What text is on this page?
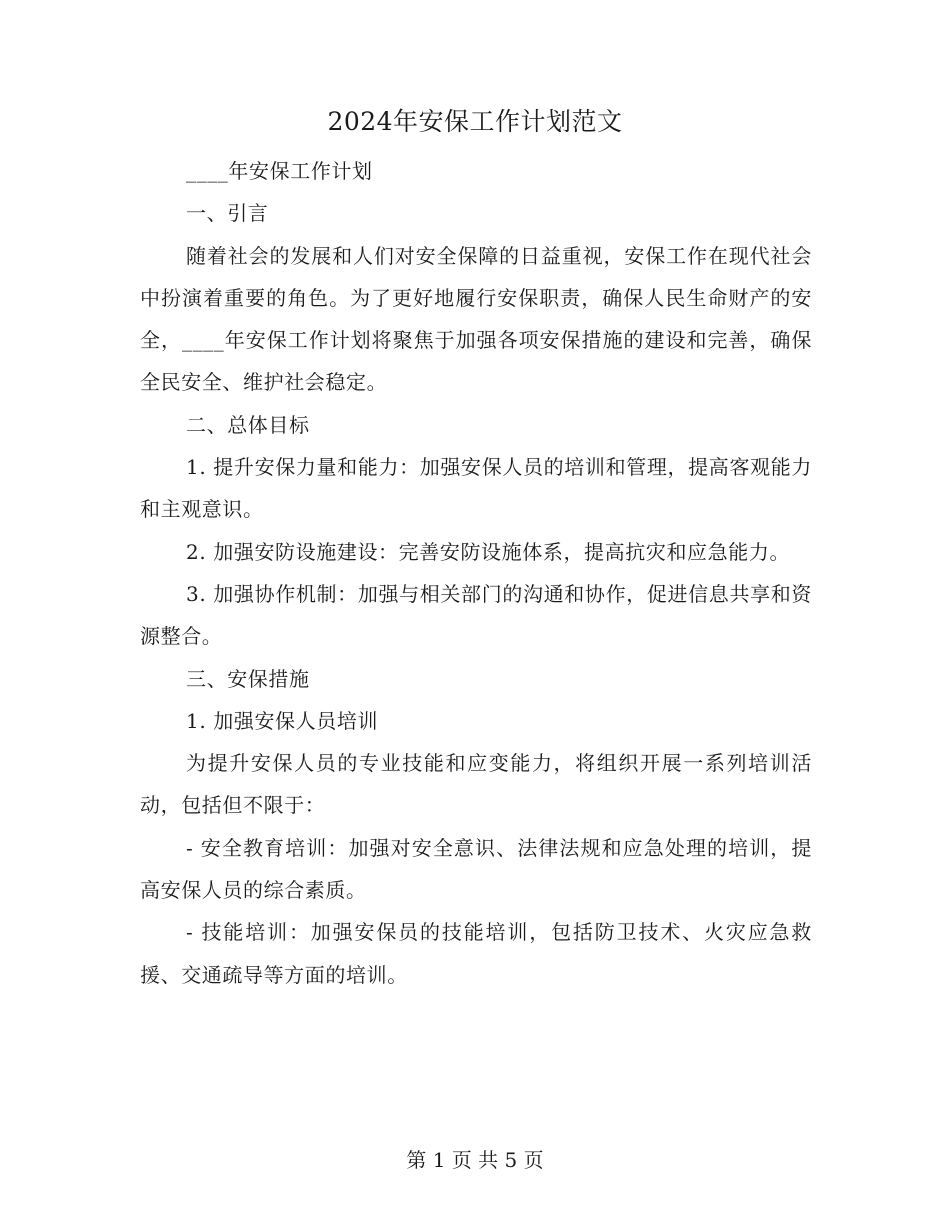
2024年安保工作计划范文

____年安保工作计划

一、引言

随着社会的发展和人们对安全保障的日益重视，安保工作在现代社会中扮演着重要的角色。为了更好地履行安保职责，确保人民生命财产的安全，____年安保工作计划将聚焦于加强各项安保措施的建设和完善，确保全民安全、维护社会稳定。

二、总体目标

1. 提升安保力量和能力：加强安保人员的培训和管理，提高客观能力和主观意识。

2. 加强安防设施建设：完善安防设施体系，提高抗灾和应急能力。

3. 加强协作机制：加强与相关部门的沟通和协作，促进信息共享和资源整合。

三、安保措施

1. 加强安保人员培训

为提升安保人员的专业技能和应变能力，将组织开展一系列培训活动，包括但不限于：

- 安全教育培训：加强对安全意识、法律法规和应急处理的培训，提高安保人员的综合素质。

- 技能培训：加强安保员的技能培训，包括防卫技术、火灾应急救援、交通疏导等方面的培训。

第 1 页 共 5 页
